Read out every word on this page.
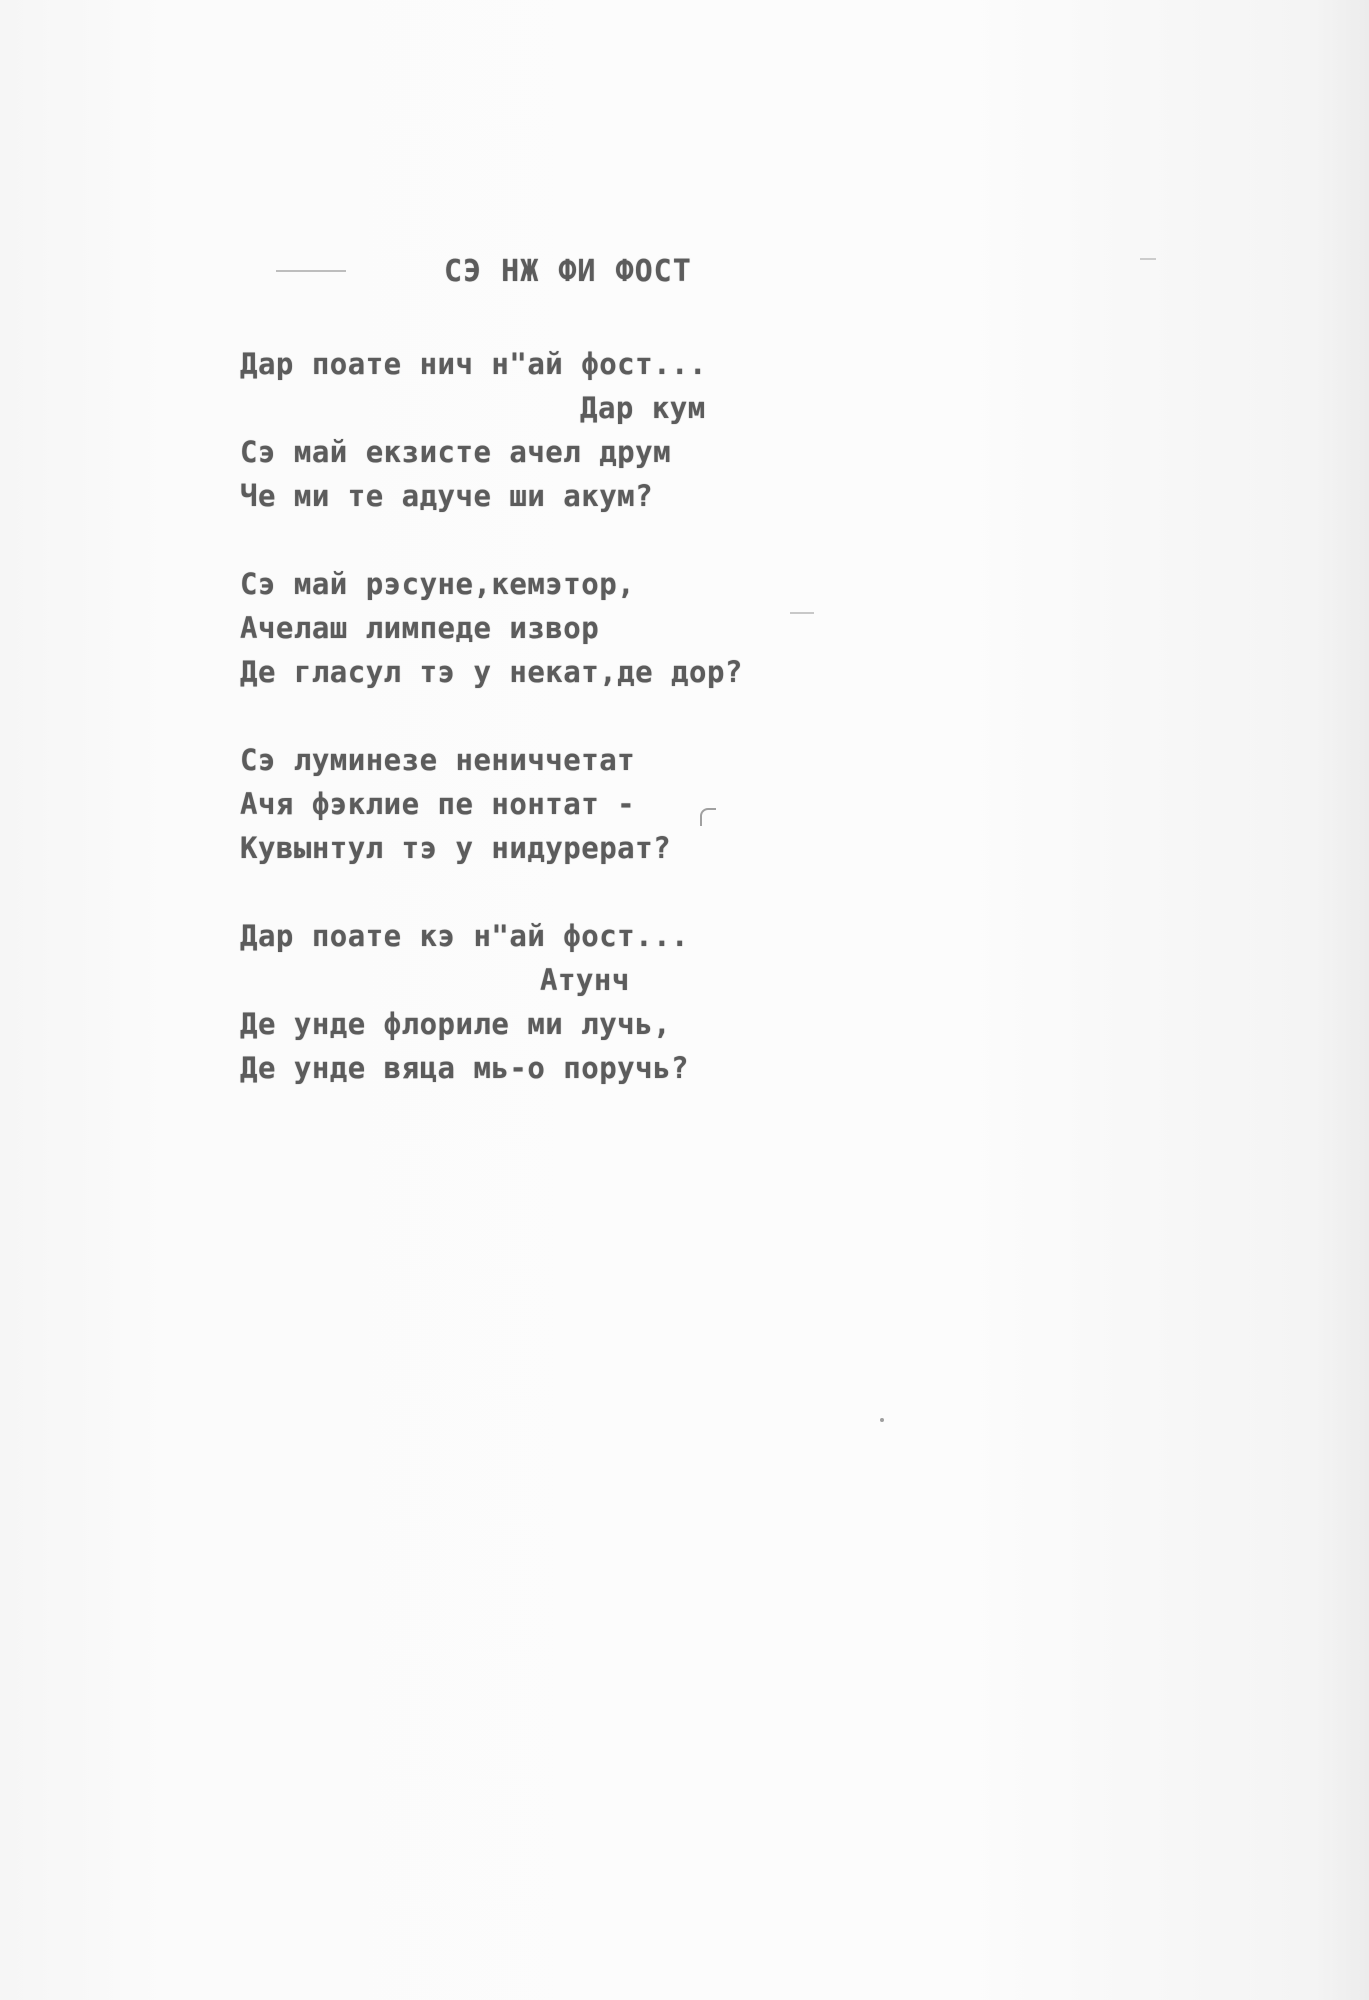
СЭ НЖ ФИ ФОСТ
Дар поате нич н"ай фост...
Дар кум
Сэ май екзисте ачел друм
Че ми те адуче ши акум?
Сэ май рэсуне,кемэтор,
Ачелаш лимпеде извор
Де гласул тэ у некат,де дор?
Сэ луминезе нениччетат
Ачя фэклие пе нонтат -
Кувынтул тэ у нидурерат?
Дар поате кэ н"ай фост...
Атунч
Де унде флориле ми лучь,
Де унде вяца мь-о поручь?
